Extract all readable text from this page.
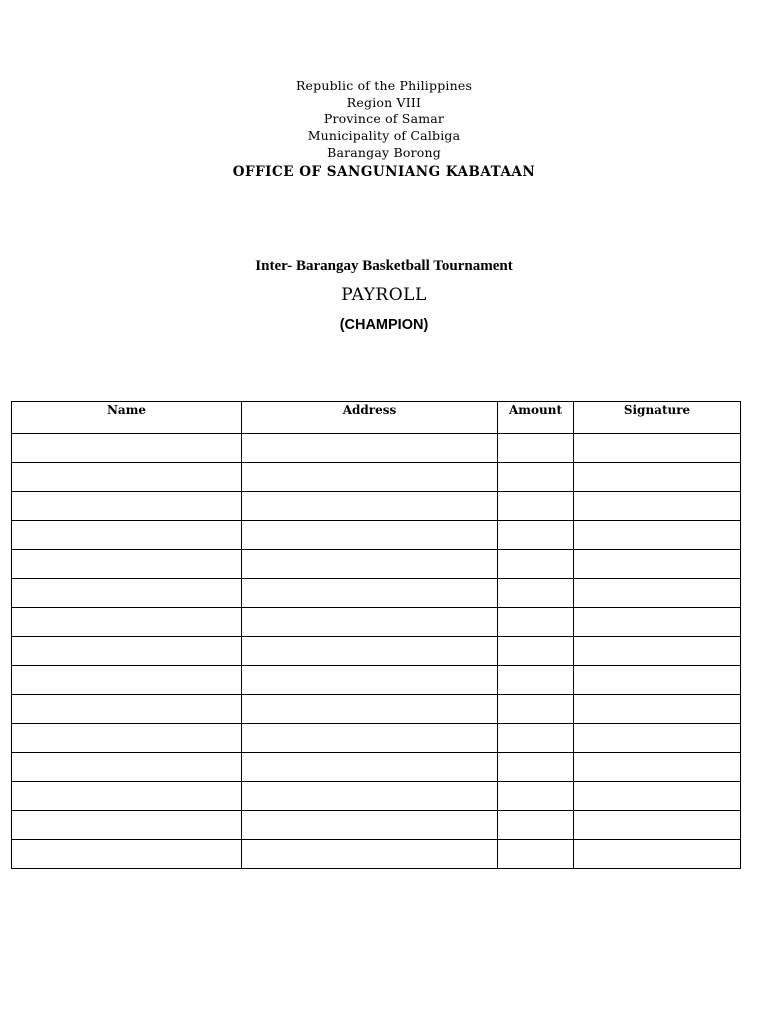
Republic of the Philippines
Region VIII
Province of Samar
Municipality of Calbiga
Barangay Borong
OFFICE OF SANGUNIANG KABATAAN
Inter- Barangay Basketball Tournament
PAYROLL
(CHAMPION)
Name	Address	Amount	Signature
